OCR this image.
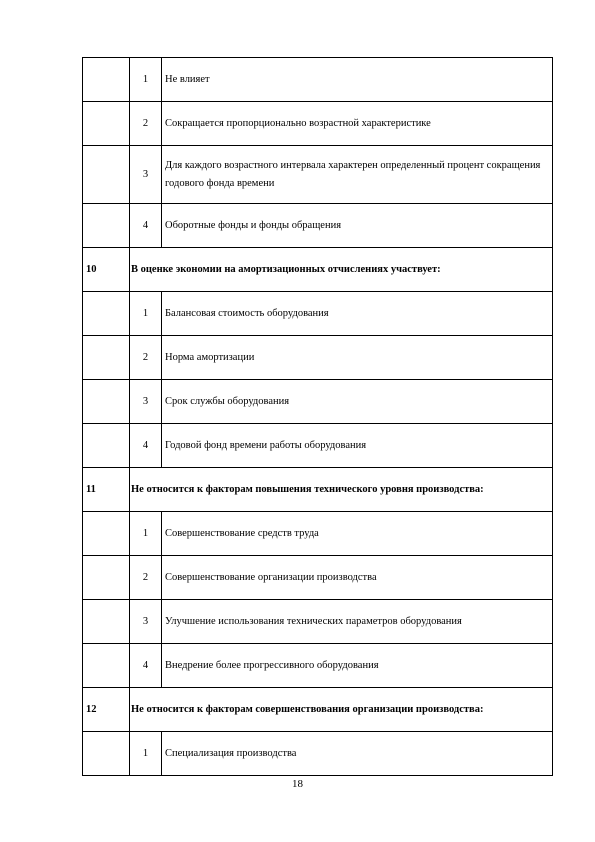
	1	Не влияет
	2	Сокращается пропорционально возрастной характеристике
	3	Для каждого возрастного интервала характерен определенный процент сокращения годового фонда времени
	4	Оборотные фонды и фонды обращения
10	В оценке экономии на амортизационных отчислениях участвует:	
	1	Балансовая стоимость оборудования
	2	Норма амортизации
	3	Срок службы оборудования
	4	Годовой фонд времени работы оборудования
11	Не относится к факторам повышения технического уровня производства:	
	1	Совершенствование средств труда
	2	Совершенствование организации производства
	3	Улучшение использования технических параметров оборудования
	4	Внедрение более прогрессивного оборудования
12	Не относится к факторам совершенствования организации производства:	
	1	Специализация производства
18
